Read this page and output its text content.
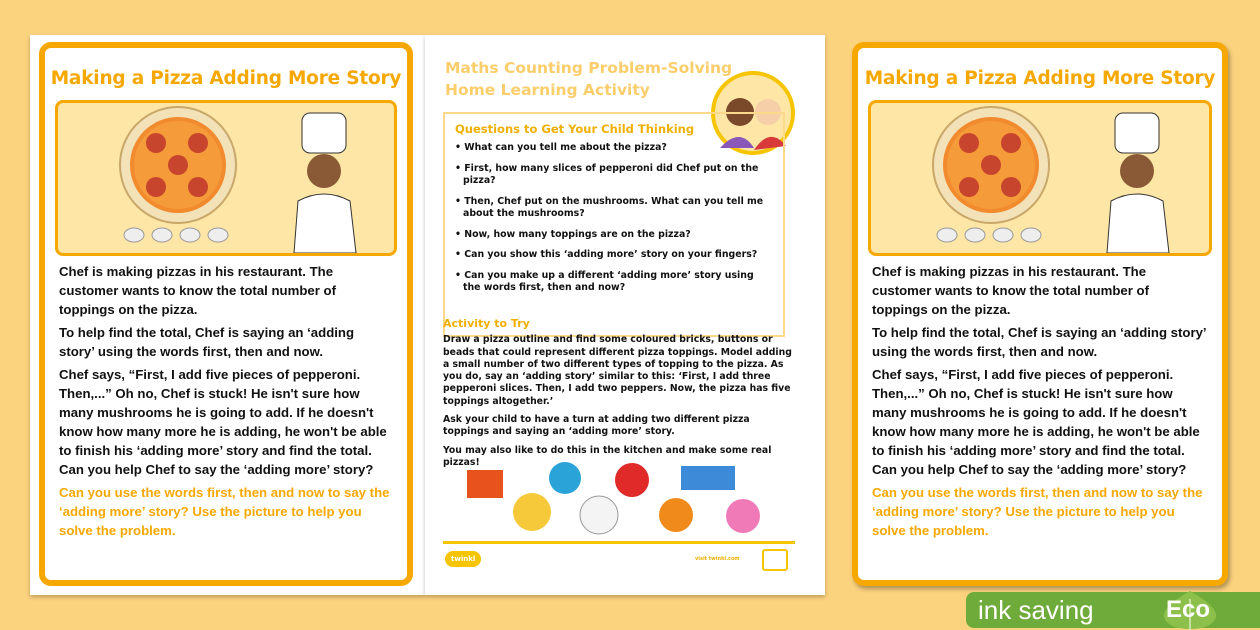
Making a Pizza Adding More Story

Chef is making pizzas in his restaurant. The customer wants to know the total number of toppings on the pizza.

To help find the total, Chef is saying an ‘adding story’ using the words first, then and now.

Chef says, “First, I add five pieces of pepperoni. Then,...” Oh no, Chef is stuck! He isn't sure how many mushrooms he is going to add. If he doesn't know how many more he is adding, he won't be able to finish his ‘adding more’ story and find the total. Can you help Chef to say the ‘adding more’ story?

Can you use the words first, then and now to say the ‘adding more’ story? Use the picture to help you solve the problem.

Maths Counting Problem-Solving
Home Learning Activity
Questions to Get Your Child Thinking
• What can you tell me about the pizza?
• First, how many slices of pepperoni did Chef put on the pizza?
• Then, Chef put on the mushrooms. What can you tell me about the mushrooms?
• Now, how many toppings are on the pizza?
• Can you show this ‘adding more’ story on your fingers?
• Can you make up a different ‘adding more’ story using the words first, then and now?
Activity to Try

Draw a pizza outline and find some coloured bricks, buttons or beads that could represent different pizza toppings. Model adding a small number of two different types of topping to the pizza. As you do, say an ‘adding story’ similar to this: ‘First, I add three pepperoni slices. Then, I add two peppers. Now, the pizza has five toppings altogether.’

Ask your child to have a turn at adding two different pizza toppings and saying an ‘adding more’ story.

You may also like to do this in the kitchen and make some real pizzas!

twinkl	visit twinkl.com
Making a Pizza Adding More Story

Chef is making pizzas in his restaurant. The customer wants to know the total number of toppings on the pizza.

To help find the total, Chef is saying an ‘adding story’ using the words first, then and now.

Chef says, “First, I add five pieces of pepperoni. Then,...” Oh no, Chef is stuck! He isn't sure how many mushrooms he is going to add. If he doesn't know how many more he is adding, he won't be able to finish his ‘adding more’ story and find the total. Can you help Chef to say the ‘adding more’ story?

Can you use the words first, then and now to say the ‘adding more’ story? Use the picture to help you solve the problem.

ink saving	Eco
